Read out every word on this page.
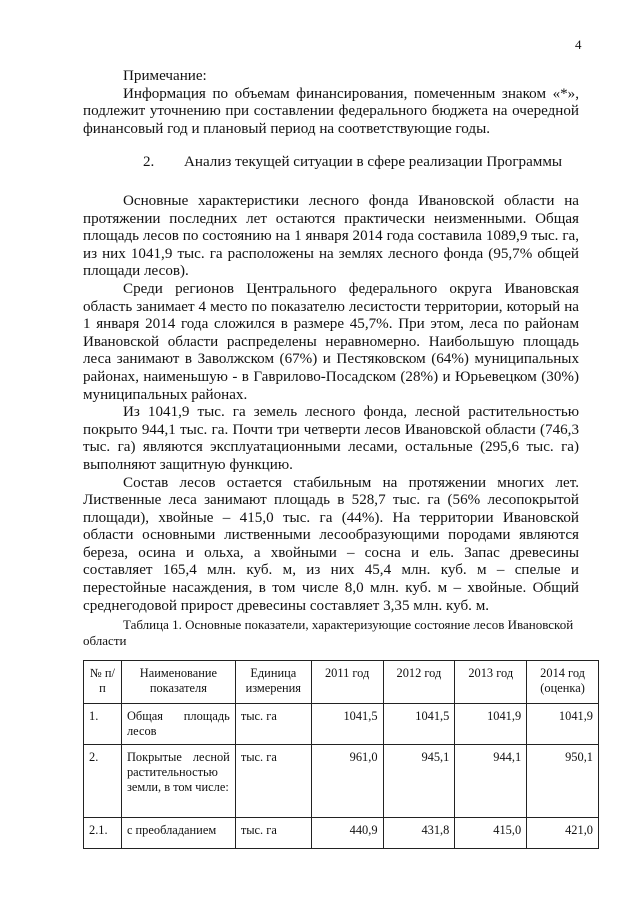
4
Примечание:
Информация по объемам финансирования, помеченным знаком «*», подлежит уточнению при составлении федерального бюджета на очередной финансовый год и плановый период на соответствующие годы.
2. Анализ текущей ситуации в сфере реализации Программы

Основные характеристики лесного фонда Ивановской области на протяжении последних лет остаются практически неизменными. Общая площадь лесов по состоянию на 1 января 2014 года составила 1089,9 тыс. га, из них 1041,9 тыс. га расположены на землях лесного фонда (95,7% общей площади лесов).

Среди регионов Центрального федерального округа Ивановская область занимает 4 место по показателю лесистости территории, который на 1 января 2014 года сложился в размере 45,7%. При этом, леса по районам Ивановской области распределены неравномерно. Наибольшую площадь леса занимают в Заволжском (67%) и Пестяковском (64%) муниципальных районах, наименьшую - в Гаврилово-Посадском (28%) и Юрьевецком (30%) муниципальных районах.

Из 1041,9 тыс. га земель лесного фонда, лесной растительностью покрыто 944,1 тыс. га. Почти три четверти лесов Ивановской области (746,3 тыс. га) являются эксплуатационными лесами, остальные (295,6 тыс. га) выполняют защитную функцию.

Состав лесов остается стабильным на протяжении многих лет. Лиственные леса занимают площадь в 528,7 тыс. га (56% лесопокрытой площади), хвойные – 415,0 тыс. га (44%). На территории Ивановской области основными лиственными лесообразующими породами являются береза, осина и ольха, а хвойными – сосна и ель. Запас древесины составляет 165,4 млн. куб. м, из них 45,4 млн. куб. м – спелые и перестойные насаждения, в том числе 8,0 млн. куб. м – хвойные. Общий среднегодовой прирост древесины составляет 3,35 млн. куб. м.

Таблица 1. Основные показатели, характеризующие состояние лесов Ивановской области
№ п/п	Наименование показателя	Единица измерения	2011 год	2012 год	2013 год	2014 год (оценка)
1.	Общая площадь лесов	тыс. га	1041,5	1041,5	1041,9	1041,9
2.	Покрытые лесной растительностью земли, в том числе:	тыс. га	961,0	945,1	944,1	950,1
2.1.	с преобладанием	тыс. га	440,9	431,8	415,0	421,0
